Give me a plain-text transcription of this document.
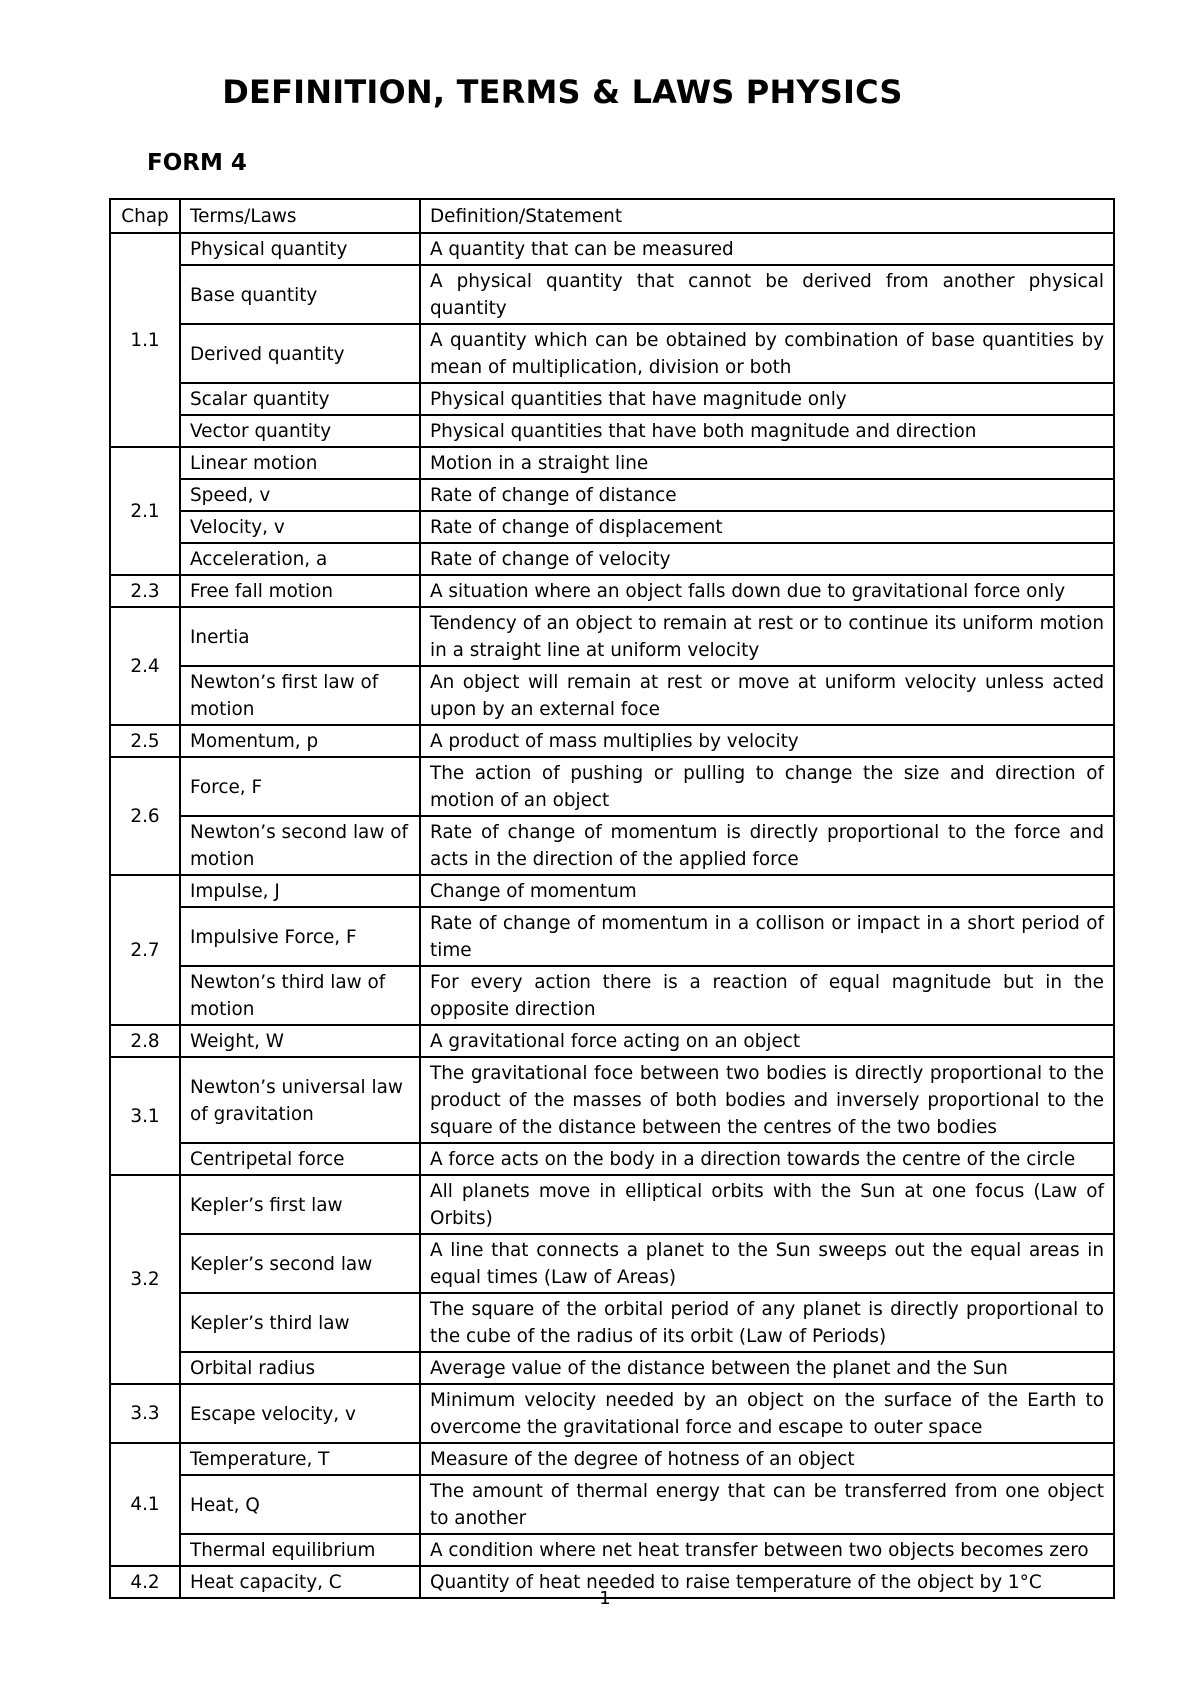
DEFINITION, TERMS & LAWS PHYSICS
FORM 4
Chap	Terms/Laws	Definition/Statement
1.1	Physical quantity	A quantity that can be measured
	Base quantity	A physical quantity that cannot be derived from another physical quantity
	Derived quantity	A quantity which can be obtained by combination of base quantities by mean of multiplication, division or both
	Scalar quantity	Physical quantities that have magnitude only
	Vector quantity	Physical quantities that have both magnitude and direction
2.1	Linear motion	Motion in a straight line
	Speed, v	Rate of change of distance
	Velocity, v	Rate of change of displacement
	Acceleration, a	Rate of change of velocity
2.3	Free fall motion	A situation where an object falls down due to gravitational force only
2.4	Inertia	Tendency of an object to remain at rest or to continue its uniform motion in a straight line at uniform velocity
	Newton’s first law of motion	An object will remain at rest or move at uniform velocity unless acted upon by an external foce
2.5	Momentum, p	A product of mass multiplies by velocity
2.6	Force, F	The action of pushing or pulling to change the size and direction of motion of an object
	Newton’s second law of motion	Rate of change of momentum is directly proportional to the force and acts in the direction of the applied force
2.7	Impulse, J	Change of momentum
	Impulsive Force, F	Rate of change of momentum in a collison or impact in a short period of time
	Newton’s third law of motion	For every action there is a reaction of equal magnitude but in the opposite direction
2.8	Weight, W	A gravitational force acting on an object
3.1	Newton’s universal law of gravitation	The gravitational foce between two bodies is directly proportional to the product of the masses of both bodies and inversely proportional to the square of the distance between the centres of the two bodies
	Centripetal force	A force acts on the body in a direction towards the centre of the circle
3.2	Kepler’s first law	All planets move in elliptical orbits with the Sun at one focus (Law of Orbits)
	Kepler’s second law	A line that connects a planet to the Sun sweeps out the equal areas in equal times (Law of Areas)
	Kepler’s third law	The square of the orbital period of any planet is directly proportional to the cube of the radius of its orbit (Law of Periods)
	Orbital radius	Average value of the distance between the planet and the Sun
3.3	Escape velocity, v	Minimum velocity needed by an object on the surface of the Earth to overcome the gravitational force and escape to outer space
4.1	Temperature, T	Measure of the degree of hotness of an object
	Heat, Q	The amount of thermal energy that can be transferred from one object to another
	Thermal equilibrium	A condition where net heat transfer between two objects becomes zero
4.2	Heat capacity, C	Quantity of heat needed to raise temperature of the object by 1°C

1
